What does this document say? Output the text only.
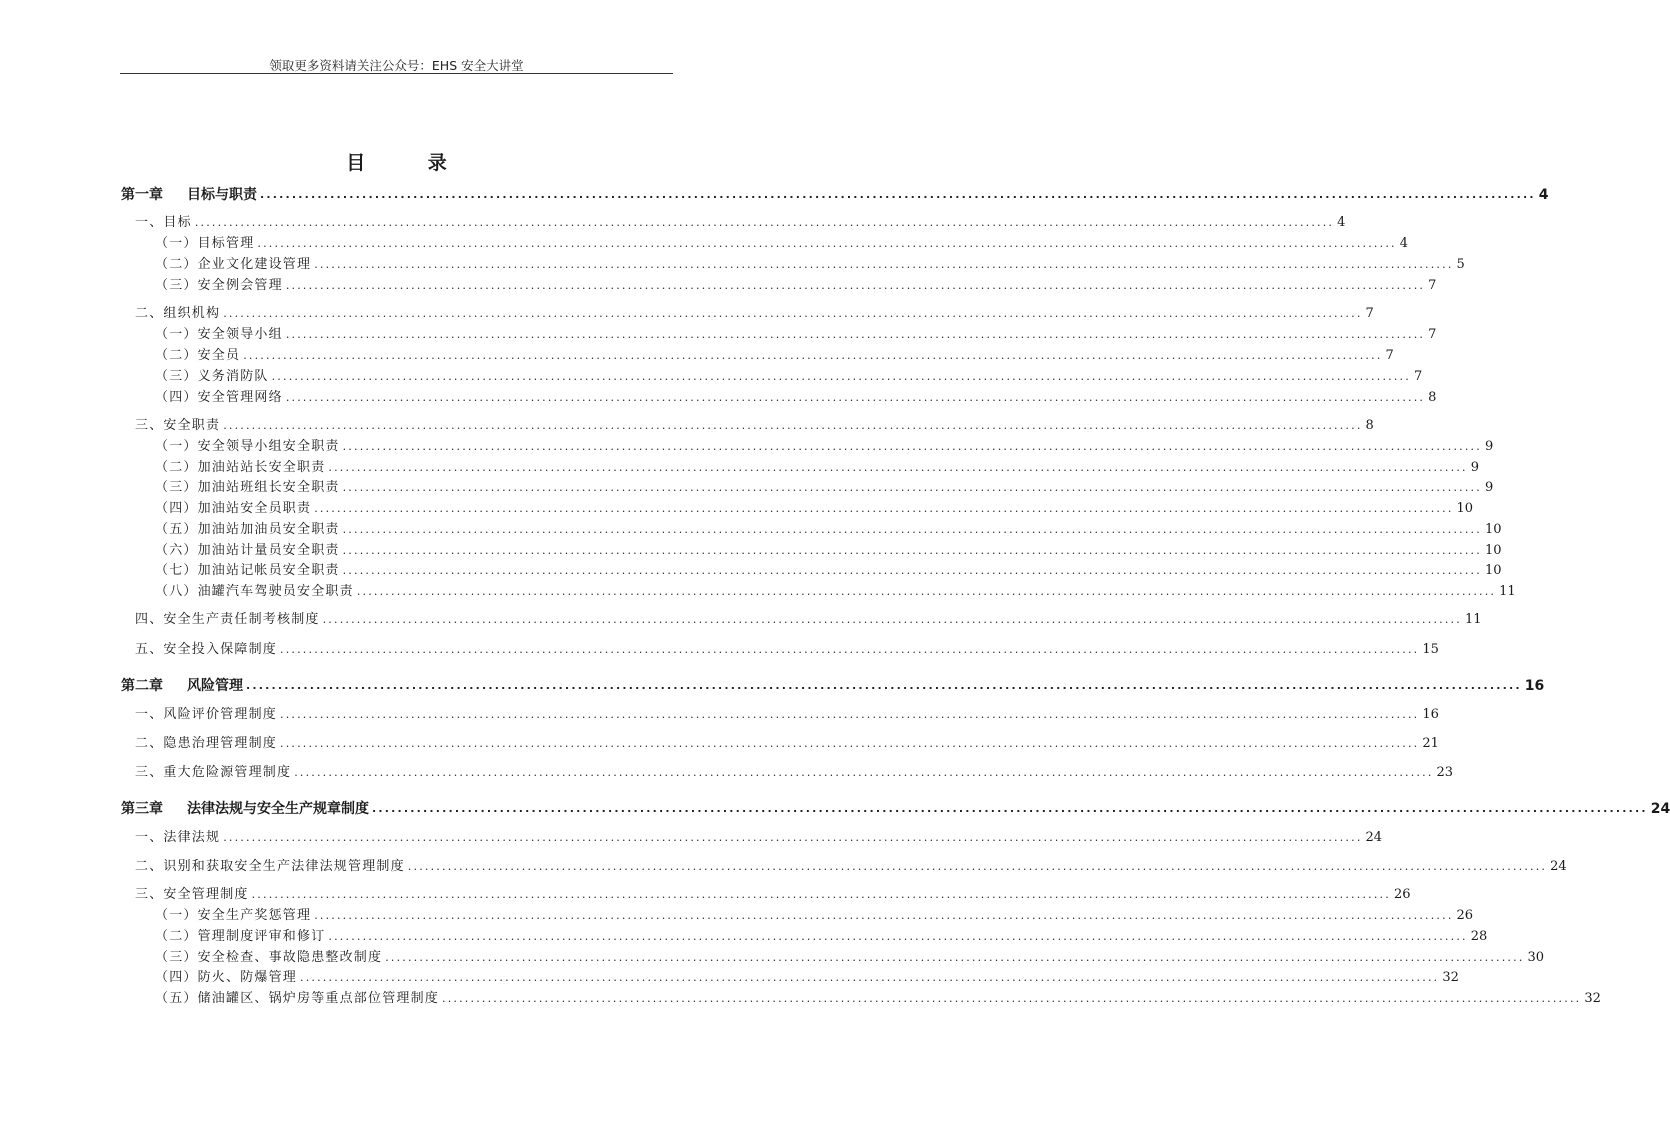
领取更多资料请关注公众号：EHS 安全大讲堂
目 录
第一章 目标与职责 ........................................................................................................................................................................................................ 4
一、目标 ........................................................................................................................................................................................................ 4
（一）目标管理 ........................................................................................................................................................................................................ 4
（二）企业文化建设管理 ........................................................................................................................................................................................................ 5
（三）安全例会管理 ........................................................................................................................................................................................................ 7
二、组织机构 ........................................................................................................................................................................................................ 7
（一）安全领导小组 ........................................................................................................................................................................................................ 7
（二）安全员 ........................................................................................................................................................................................................ 7
（三）义务消防队 ........................................................................................................................................................................................................ 7
（四）安全管理网络 ........................................................................................................................................................................................................ 8
三、安全职责 ........................................................................................................................................................................................................ 8
（一）安全领导小组安全职责 ........................................................................................................................................................................................................ 9
（二）加油站站长安全职责 ........................................................................................................................................................................................................ 9
（三）加油站班组长安全职责 ........................................................................................................................................................................................................ 9
（四）加油站安全员职责 ........................................................................................................................................................................................................ 10
（五）加油站加油员安全职责 ........................................................................................................................................................................................................ 10
（六）加油站计量员安全职责 ........................................................................................................................................................................................................ 10
（七）加油站记帐员安全职责 ........................................................................................................................................................................................................ 10
（八）油罐汽车驾驶员安全职责 ........................................................................................................................................................................................................ 11
四、安全生产责任制考核制度 ........................................................................................................................................................................................................ 11
五、安全投入保障制度 ........................................................................................................................................................................................................ 15
第二章 风险管理 ........................................................................................................................................................................................................ 16
一、风险评价管理制度 ........................................................................................................................................................................................................ 16
二、隐患治理管理制度 ........................................................................................................................................................................................................ 21
三、重大危险源管理制度 ........................................................................................................................................................................................................ 23
第三章 法律法规与安全生产规章制度 ........................................................................................................................................................................................................ 24
一、法律法规 ........................................................................................................................................................................................................ 24
二、识别和获取安全生产法律法规管理制度 ........................................................................................................................................................................................................ 24
三、安全管理制度 ........................................................................................................................................................................................................ 26
（一）安全生产奖惩管理 ........................................................................................................................................................................................................ 26
（二）管理制度评审和修订 ........................................................................................................................................................................................................ 28
（三）安全检查、事故隐患整改制度 ........................................................................................................................................................................................................ 30
（四）防火、防爆管理 ........................................................................................................................................................................................................ 32
（五）储油罐区、锅炉房等重点部位管理制度 ........................................................................................................................................................................................................ 32
